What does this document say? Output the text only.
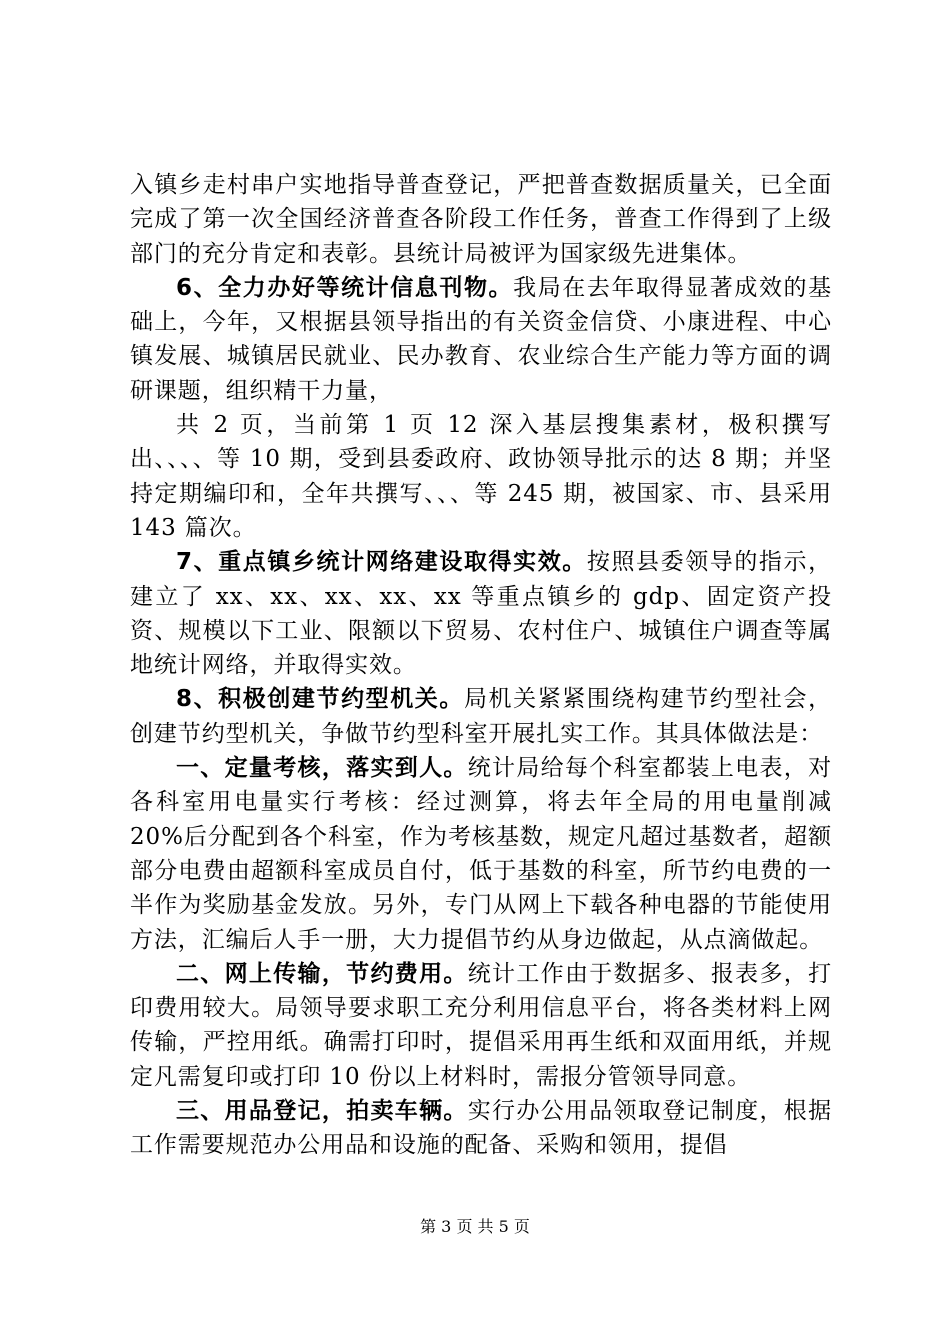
入镇乡走村串户实地指导普查登记，严把普查数据质量关，已全面完成了第一次全国经济普查各阶段工作任务，普查工作得到了上级部门的充分肯定和表彰。县统计局被评为国家级先进集体。

6、全力办好等统计信息刊物。我局在去年取得显著成效的基础上，今年，又根据县领导指出的有关资金信贷、小康进程、中心镇发展、城镇居民就业、民办教育、农业综合生产能力等方面的调研课题，组织精干力量，

共 2 页，当前第 1 页 12 深入基层搜集素材，极积撰写出、、、、等 10 期，受到县委政府、政协领导批示的达 8 期；并坚持定期编印和，全年共撰写、、、等 245 期，被国家、市、县采用 143 篇次。

7、重点镇乡统计网络建设取得实效。按照县委领导的指示，建立了 xx、xx、xx、xx、xx 等重点镇乡的 gdp、固定资产投资、规模以下工业、限额以下贸易、农村住户、城镇住户调查等属地统计网络，并取得实效。

8、积极创建节约型机关。局机关紧紧围绕构建节约型社会，创建节约型机关，争做节约型科室开展扎实工作。其具体做法是：

一、定量考核，落实到人。统计局给每个科室都装上电表，对各科室用电量实行考核：经过测算，将去年全局的用电量削减 20%后分配到各个科室，作为考核基数，规定凡超过基数者，超额部分电费由超额科室成员自付，低于基数的科室，所节约电费的一半作为奖励基金发放。另外，专门从网上下载各种电器的节能使用方法，汇编后人手一册，大力提倡节约从身边做起，从点滴做起。

二、网上传输，节约费用。统计工作由于数据多、报表多，打印费用较大。局领导要求职工充分利用信息平台，将各类材料上网传输，严控用纸。确需打印时，提倡采用再生纸和双面用纸，并规定凡需复印或打印 10 份以上材料时，需报分管领导同意。

三、用品登记，拍卖车辆。实行办公用品领取登记制度，根据工作需要规范办公用品和设施的配备、采购和领用，提倡

第 3 页 共 5 页
